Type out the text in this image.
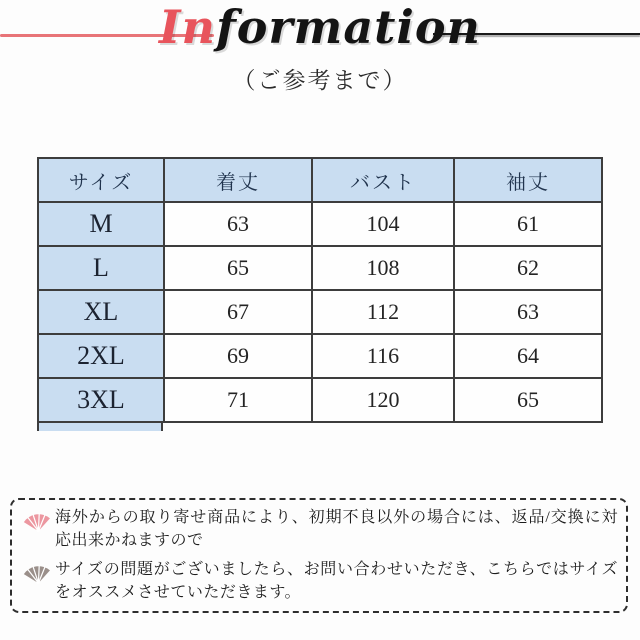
Information
（ご参考まで）
サイズ	着丈	バスト	袖丈
M	63	104	61
L	65	108	62
XL	67	112	63
2XL	69	116	64
3XL	71	120	65
海外からの取り寄せ商品により、初期不良以外の場合には、返品/交換に対応出来かねますので
サイズの問題がございましたら、お問い合わせいただき、こちらではサイズをオススメさせていただきます。
